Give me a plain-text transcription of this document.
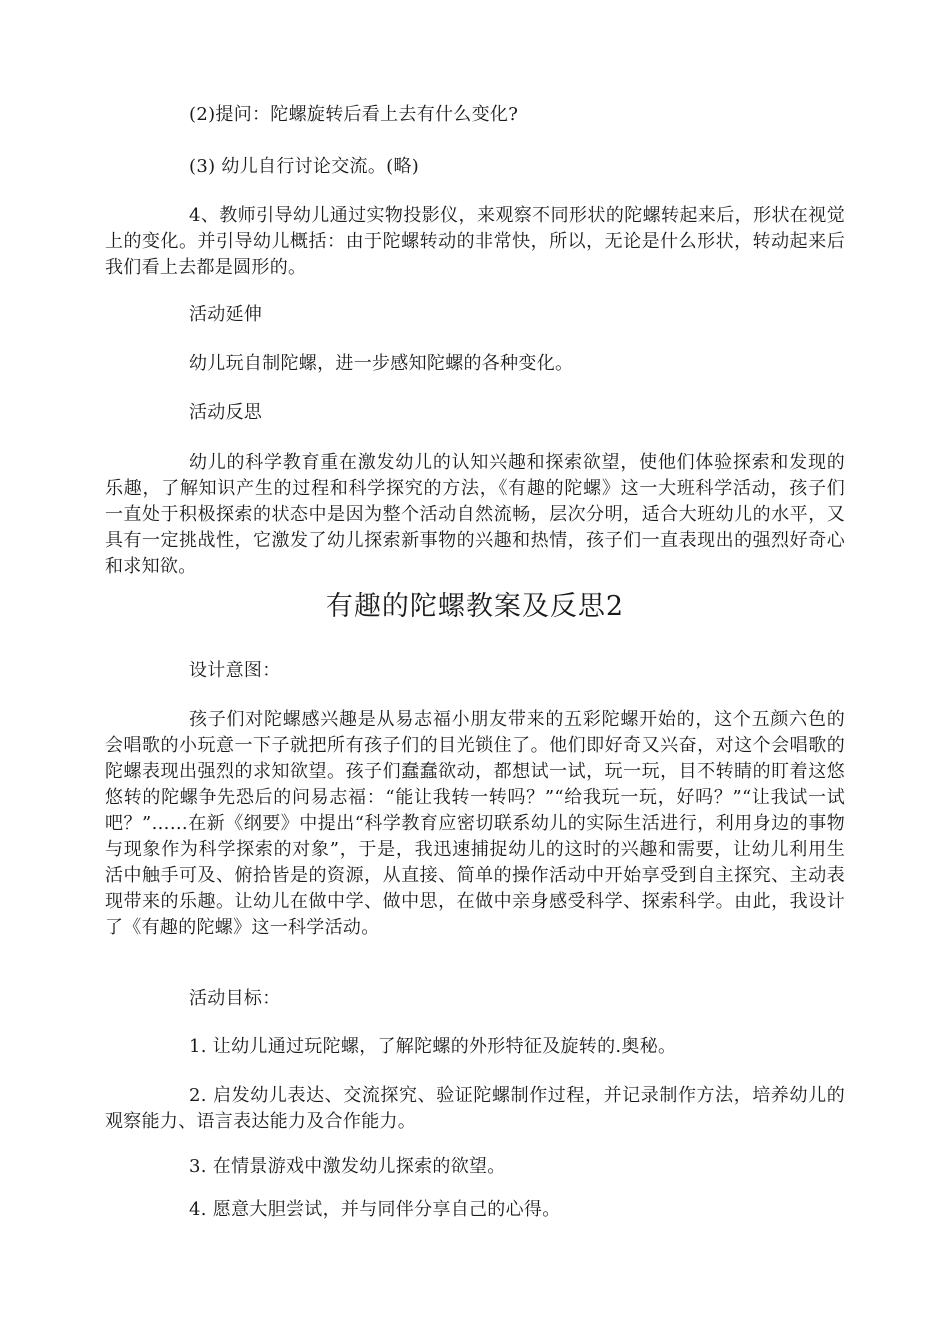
(2)提问：陀螺旋转后看上去有什么变化?

(3) 幼儿自行讨论交流。(略)

4、教师引导幼儿通过实物投影仪，来观察不同形状的陀螺转起来后，形状在视觉上的变化。并引导幼儿概括：由于陀螺转动的非常快，所以，无论是什么形状，转动起来后我们看上去都是圆形的。

活动延伸

幼儿玩自制陀螺，进一步感知陀螺的各种变化。

活动反思

幼儿的科学教育重在激发幼儿的认知兴趣和探索欲望，使他们体验探索和发现的乐趣，了解知识产生的过程和科学探究的方法，《有趣的陀螺》这一大班科学活动，孩子们一直处于积极探索的状态中是因为整个活动自然流畅，层次分明，适合大班幼儿的水平，又具有一定挑战性，它激发了幼儿探索新事物的兴趣和热情，孩子们一直表现出的强烈好奇心和求知欲。

有趣的陀螺教案及反思2

设计意图：

孩子们对陀螺感兴趣是从易志福小朋友带来的五彩陀螺开始的，这个五颜六色的会唱歌的小玩意一下子就把所有孩子们的目光锁住了。他们即好奇又兴奋，对这个会唱歌的陀螺表现出强烈的求知欲望。孩子们蠢蠢欲动，都想试一试，玩一玩，目不转睛的盯着这悠悠转的陀螺争先恐后的问易志福：“能让我转一转吗？”“给我玩一玩，好吗？”“让我试一试吧？”……在新《纲要》中提出“科学教育应密切联系幼儿的实际生活进行，利用身边的事物与现象作为科学探索的对象”，于是，我迅速捕捉幼儿的这时的兴趣和需要，让幼儿利用生活中触手可及、俯拾皆是的资源，从直接、简单的操作活动中开始享受到自主探究、主动表现带来的乐趣。让幼儿在做中学、做中思，在做中亲身感受科学、探索科学。由此，我设计了《有趣的陀螺》这一科学活动。

活动目标：

1. 让幼儿通过玩陀螺，了解陀螺的外形特征及旋转的.奥秘。

2. 启发幼儿表达、交流探究、验证陀螺制作过程，并记录制作方法，培养幼儿的观察能力、语言表达能力及合作能力。

3. 在情景游戏中激发幼儿探索的欲望。

4. 愿意大胆尝试，并与同伴分享自己的心得。
